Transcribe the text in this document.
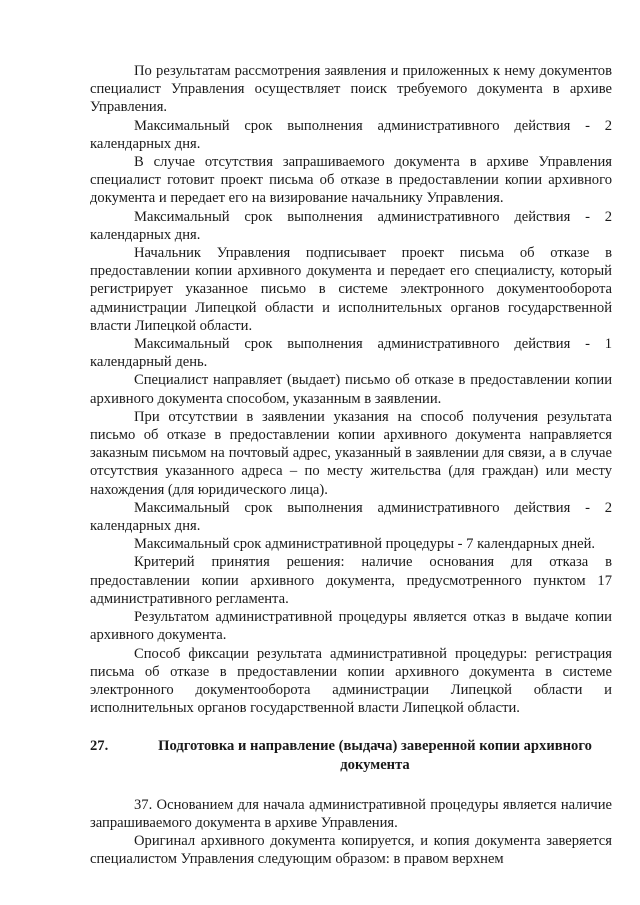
По результатам рассмотрения заявления и приложенных к нему документов специалист Управления осуществляет поиск требуемого документа в архиве Управления.

Максимальный срок выполнения административного действия - 2 календарных дня.

В случае отсутствия запрашиваемого документа в архиве Управления специалист готовит проект письма об отказе в предоставлении копии архивного документа и передает его на визирование начальнику Управления.

Максимальный срок выполнения административного действия - 2 календарных дня.

Начальник Управления подписывает проект письма об отказе в предоставлении копии архивного документа и передает его специалисту, который регистрирует указанное письмо в системе электронного документооборота администрации Липецкой области и исполнительных органов государственной власти Липецкой области.

Максимальный срок выполнения административного действия - 1 календарный день.

Специалист направляет (выдает) письмо об отказе в предоставлении копии архивного документа способом, указанным в заявлении.

При отсутствии в заявлении указания на способ получения результата письмо об отказе в предоставлении копии архивного документа направляется заказным письмом на почтовый адрес, указанный в заявлении для связи, а в случае отсутствия указанного адреса – по месту жительства (для граждан) или месту нахождения (для юридического лица).

Максимальный срок выполнения административного действия - 2 календарных дня.

Максимальный срок административной процедуры - 7 календарных дней.

Критерий принятия решения: наличие основания для отказа в предоставлении копии архивного документа, предусмотренного пунктом 17 административного регламента.

Результатом административной процедуры является отказ в выдаче копии архивного документа.

Способ фиксации результата административной процедуры: регистрация письма об отказе в предоставлении копии архивного документа в системе электронного документооборота администрации Липецкой области и исполнительных органов государственной власти Липецкой области.

27.	Подготовка и направление (выдача) заверенной копии архивного документа

37. Основанием для начала административной процедуры является наличие запрашиваемого документа в архиве Управления.

Оригинал архивного документа копируется, и копия документа заверяется специалистом Управления следующим образом: в правом верхнем
